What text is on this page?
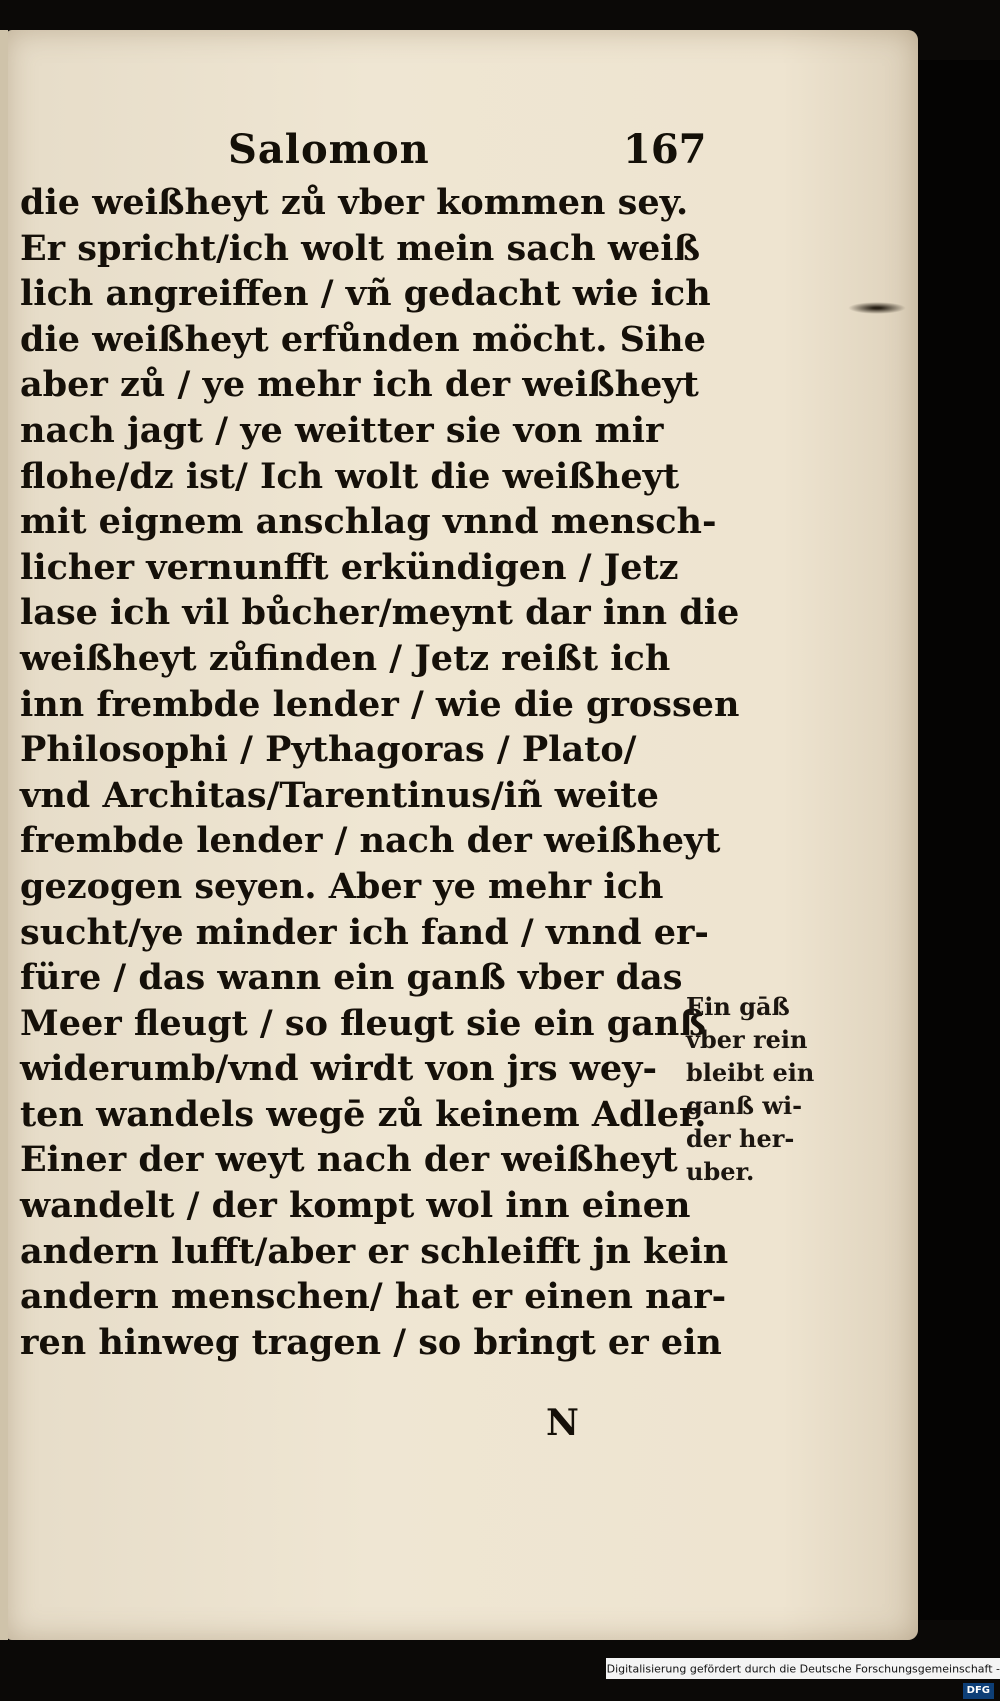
Salomon	167
die weißheyt zů vber kommen sey.
Er spricht/ich wolt mein sach weiß
lich angreiffen / vñ gedacht wie ich
die weißheyt erfůnden möcht. Sihe
aber zů / ye mehr ich der weißheyt
nach jagt / ye weitter sie von mir
flohe/dz ist/ Ich wolt die weißheyt
mit eignem anschlag vnnd mensch-
licher vernunfft erkündigen / Jetz
lase ich vil bůcher/meynt dar inn die
weißheyt zůfinden / Jetz reißt ich
inn frembde lender / wie die grossen
Philosophi / Pythagoras / Plato/
vnd Architas/Tarentinus/iñ weite
frembde lender / nach der weißheyt
gezogen seyen. Aber ye mehr ich
sucht/ye minder ich fand / vnnd er-
füre / das wann ein ganß vber das
Meer fleugt / so fleugt sie ein ganß
widerumb/vnd wirdt von jrs wey-
ten wandels wegē zů keinem Adler.
Einer der weyt nach der weißheyt
wandelt / der kompt wol inn einen
andern lufft/aber er schleifft jn kein
andern menschen/ hat er einen nar-
ren hinweg tragen / so bringt er ein
Ein gāß
vber rein
bleibt ein
ganß wi-
der her-
uber.
N
Digitalisierung gefördert durch die Deutsche Forschungsgemeinschaft - DFG
